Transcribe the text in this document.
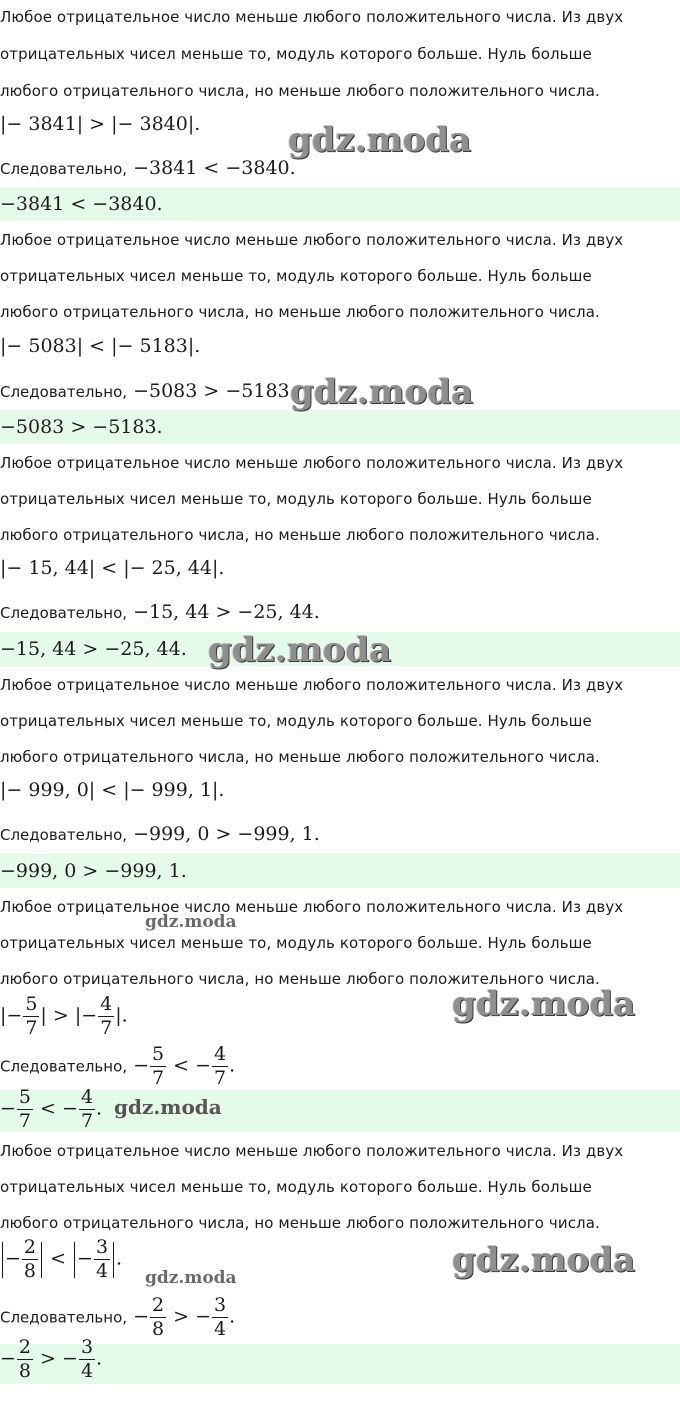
Любое отрицательное число меньше любого положительного числа. Из двух
отрицательных чисел меньше то, модуль которого больше. Нуль больше
любого отрицательного числа, но меньше любого положительного числа.
|− 3841| > |− 3840|.
Следовательно, −3841 < −3840.
−3841 < −3840.
gdz.moda
Любое отрицательное число меньше любого положительного числа. Из двух
отрицательных чисел меньше то, модуль которого больше. Нуль больше
любого отрицательного числа, но меньше любого положительного числа.
|− 5083| < |− 5183|.
Следовательно, −5083 > −5183.
−5083 > −5183.
gdz.moda
Любое отрицательное число меньше любого положительного числа. Из двух
отрицательных чисел меньше то, модуль которого больше. Нуль больше
любого отрицательного числа, но меньше любого положительного числа.
|− 15, 44| < |− 25, 44|.
Следовательно, −15, 44 > −25, 44.
−15, 44 > −25, 44. gdz.moda
Любое отрицательное число меньше любого положительного числа. Из двух
отрицательных чисел меньше то, модуль которого больше. Нуль больше
любого отрицательного числа, но меньше любого положительного числа.
|− 999, 0| < |− 999, 1|.
Следовательно, −999, 0 > −999, 1.
−999, 0 > −999, 1.
Любое отрицательное число меньше любого положительного числа. Из двух
отрицательных чисел меньше то, модуль которого больше. Нуль больше
любого отрицательного числа, но меньше любого положительного числа.
gdz.moda
|− $\frac{5}{7}$ | > |− $\frac{4}{7}$ |.	gdz.moda
Следовательно, − $\frac{5}{7}$ < − $\frac{4}{7}$ .
− $\frac{5}{7}$ < − $\frac{4}{7}$ . gdz.moda
Любое отрицательное число меньше любого положительного числа. Из двух
отрицательных чисел меньше то, модуль которого больше. Нуль больше
любого отрицательного числа, но меньше любого положительного числа.
− $\frac{2}{8}$ < − $\frac{3}{4}$ .
gdz.moda	gdz.moda
Следовательно, − $\frac{2}{8}$ > − $\frac{3}{4}$ .
− $\frac{2}{8}$ > − $\frac{3}{4}$ .
